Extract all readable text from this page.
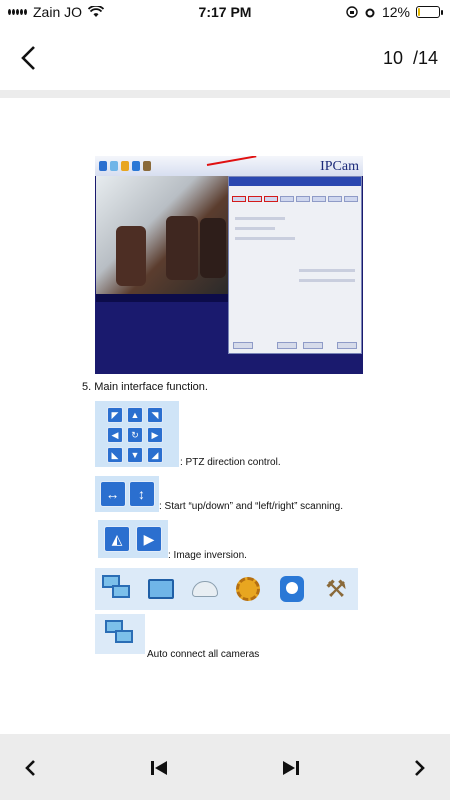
Zain JO	7:17 PM	12%
10 /14
IPCam
5. Main interface function.
◤	▲	◥
◀	↻	▶
◣	▼	◢
: PTZ direction control.
↔	↕
: Start “up/down” and “left/right” scanning.
◭	▶
: Image inversion.
⚒
Auto connect all cameras
